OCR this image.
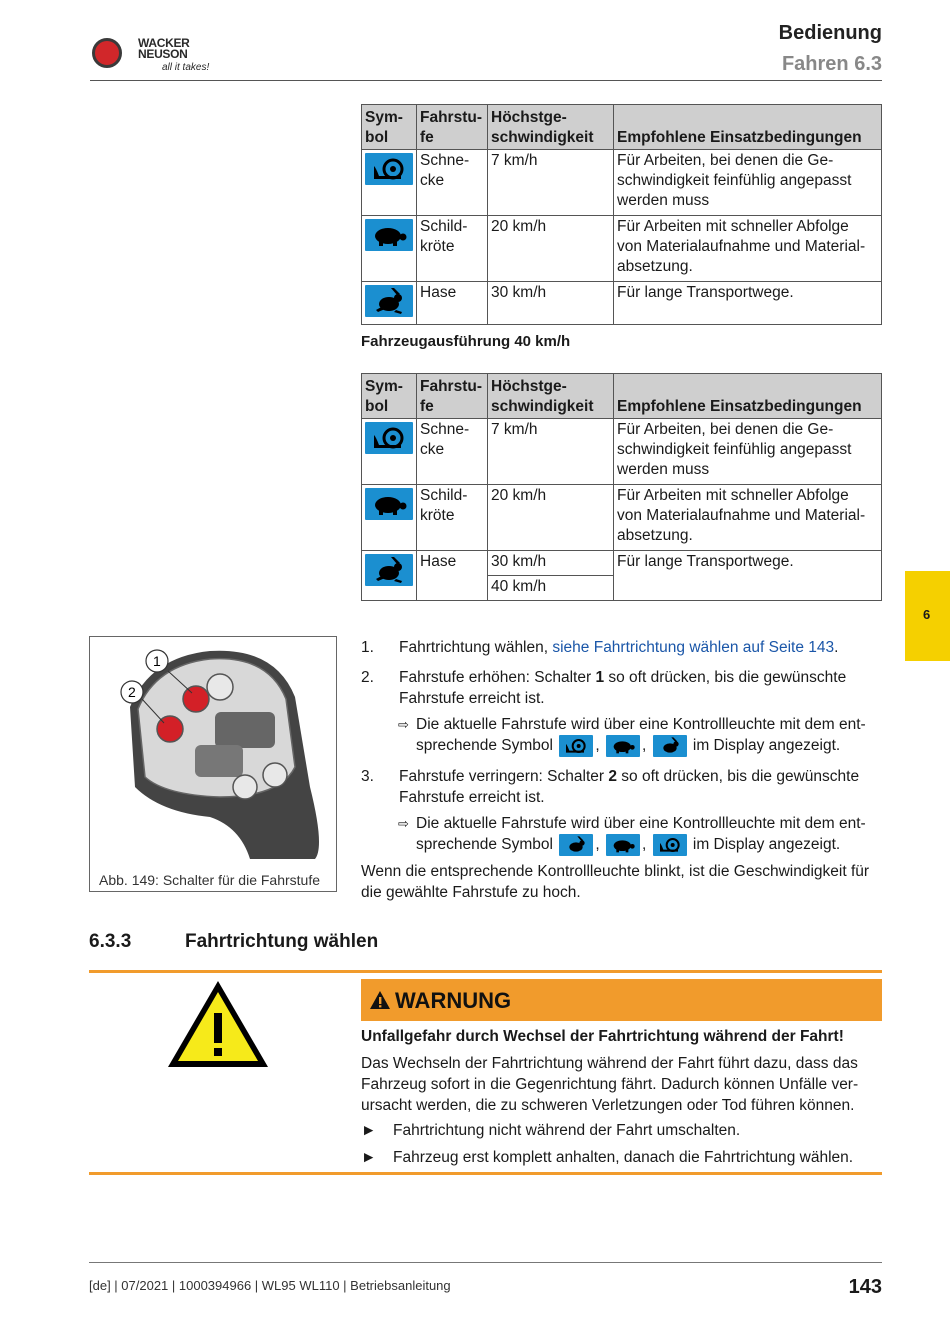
WACKER
NEUSON
all it takes!
Bedienung
Fahren 6.3
Sym-bol	Fahrstu-fe	Höchstge-schwindigkeit	Empfohlene Einsatzbedingungen

	Schne-cke	7 km/h	Für Arbeiten, bei denen die Ge-schwindigkeit feinfühlig angepasst werden muss

	Schild-kröte	20 km/h	Für Arbeiten mit schneller Abfolge von Materialaufnahme und Material-absetzung.

	Hase	30 km/h	Für lange Transportwege.
Fahrzeugausführung 40 km/h
Sym-bol	Fahrstu-fe	Höchstge-schwindigkeit	Empfohlene Einsatzbedingungen

	Schne-cke	7 km/h	Für Arbeiten, bei denen die Ge-schwindigkeit feinfühlig angepasst werden muss

	Schild-kröte	20 km/h	Für Arbeiten mit schneller Abfolge von Materialaufnahme und Material-absetzung.

	Hase	30 km/h	Für lange Transportwege.
		40 km/h	
6
1
2
Abb. 149: Schalter für die Fahrstufe
1. Fahrtrichtung wählen, siehe Fahrtrichtung wählen auf Seite 143.
2. Fahrstufe erhöhen: Schalter 1 so oft drücken, bis die gewünschte Fahrstufe erreicht ist.
⇨ Die aktuelle Fahrstufe wird über eine Kontrollleuchte mit dem ent-sprechende Symbol	,	,	im Display angezeigt.
3. Fahrstufe verringern: Schalter 2 so oft drücken, bis die gewünschte Fahrstufe erreicht ist.
⇨ Die aktuelle Fahrstufe wird über eine Kontrollleuchte mit dem ent-sprechende Symbol	,	,	im Display angezeigt.
Wenn die entsprechende Kontrollleuchte blinkt, ist die Geschwindigkeit für die gewählte Fahrstufe zu hoch.
6.3.3	Fahrtrichtung wählen
WARNUNG
Unfallgefahr durch Wechsel der Fahrtrichtung während der Fahrt!
Das Wechseln der Fahrtrichtung während der Fahrt führt dazu, dass das Fahrzeug sofort in die Gegenrichtung fährt. Dadurch können Unfälle ver-ursacht werden, die zu schweren Verletzungen oder Tod führen können.
► Fahrtrichtung nicht während der Fahrt umschalten.
► Fahrzeug erst komplett anhalten, danach die Fahrtrichtung wählen.
[de] | 07/2021 | 1000394966 | WL95 WL110 | Betriebsanleitung	143
